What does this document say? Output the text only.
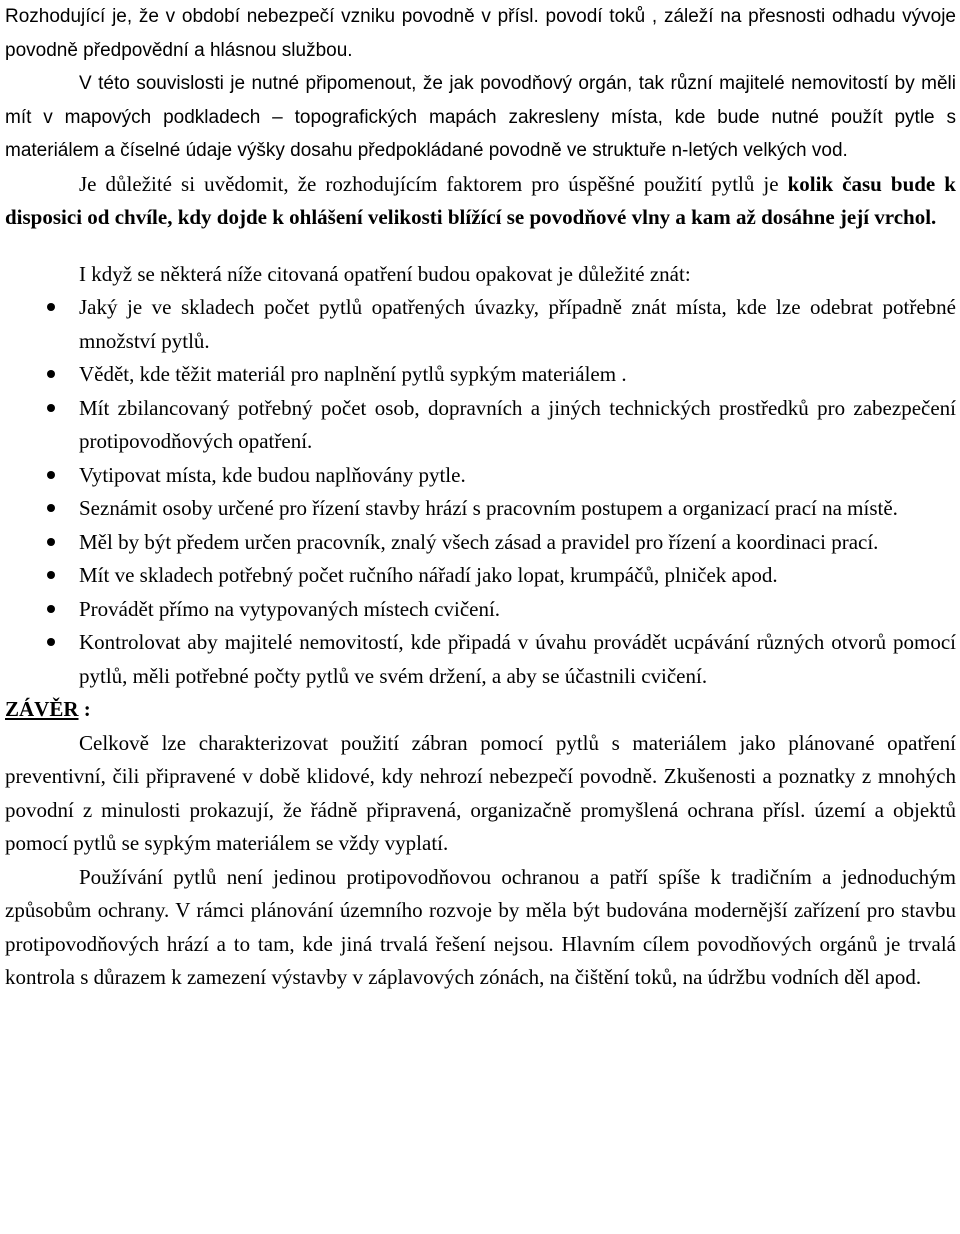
Rozhodující je, že v období nebezpečí vzniku povodně v přísl. povodí toků , záleží na přesnosti odhadu vývoje povodně předpovědní a hlásnou službou.

V této souvislosti je nutné připomenout, že jak povodňový orgán, tak různí majitelé nemovitostí by měli mít v mapových podkladech – topografických mapách zakresleny místa, kde bude nutné použít pytle s materiálem a číselné údaje výšky dosahu předpokládané povodně ve struktuře n-letých velkých vod.

Je důležité si uvědomit, že rozhodujícím faktorem pro úspěšné použití pytlů je kolik času bude k disposici od chvíle, kdy dojde k ohlášení velikosti blížící se povodňové vlny a kam až dosáhne její vrchol.

I když se některá níže citovaná opatření budou opakovat je důležité znát:

Jaký je ve skladech počet pytlů opatřených úvazky, případně znát místa, kde lze odebrat potřebné množství pytlů.
Vědět, kde těžit materiál pro naplnění pytlů sypkým materiálem .
Mít zbilancovaný potřebný počet osob, dopravních a jiných technických prostředků pro zabezpečení protipovodňových opatření.
Vytipovat místa, kde budou naplňovány pytle.
Seznámit osoby určené pro řízení stavby hrází s pracovním postupem a organizací prací na místě.
Měl by být předem určen pracovník, znalý všech zásad a pravidel pro řízení a koordinaci prací.
Mít ve skladech potřebný počet ručního nářadí jako lopat, krumpáčů, plniček apod.
Provádět přímo na vytypovaných místech cvičení.
Kontrolovat aby majitelé nemovitostí, kde připadá v úvahu provádět ucpávání různých otvorů pomocí pytlů, měli potřebné počty pytlů ve svém držení, a aby se účastnili cvičení.
ZÁVĚR :

Celkově lze charakterizovat použití zábran pomocí pytlů s materiálem jako plánované opatření preventivní, čili připravené v době klidové, kdy nehrozí nebezpečí povodně. Zkušenosti a poznatky z mnohých povodní z minulosti prokazují, že řádně připravená, organizačně promyšlená ochrana přísl. území a objektů pomocí pytlů se sypkým materiálem se vždy vyplatí.

Používání pytlů není jedinou protipovodňovou ochranou a patří spíše k tradičním a jednoduchým způsobům ochrany. V rámci plánování územního rozvoje by měla být budována modernější zařízení pro stavbu protipovodňových hrází a to tam, kde jiná trvalá řešení nejsou. Hlavním cílem povodňových orgánů je trvalá kontrola s důrazem k zamezení výstavby v záplavových zónách, na čištění toků, na údržbu vodních děl apod.
